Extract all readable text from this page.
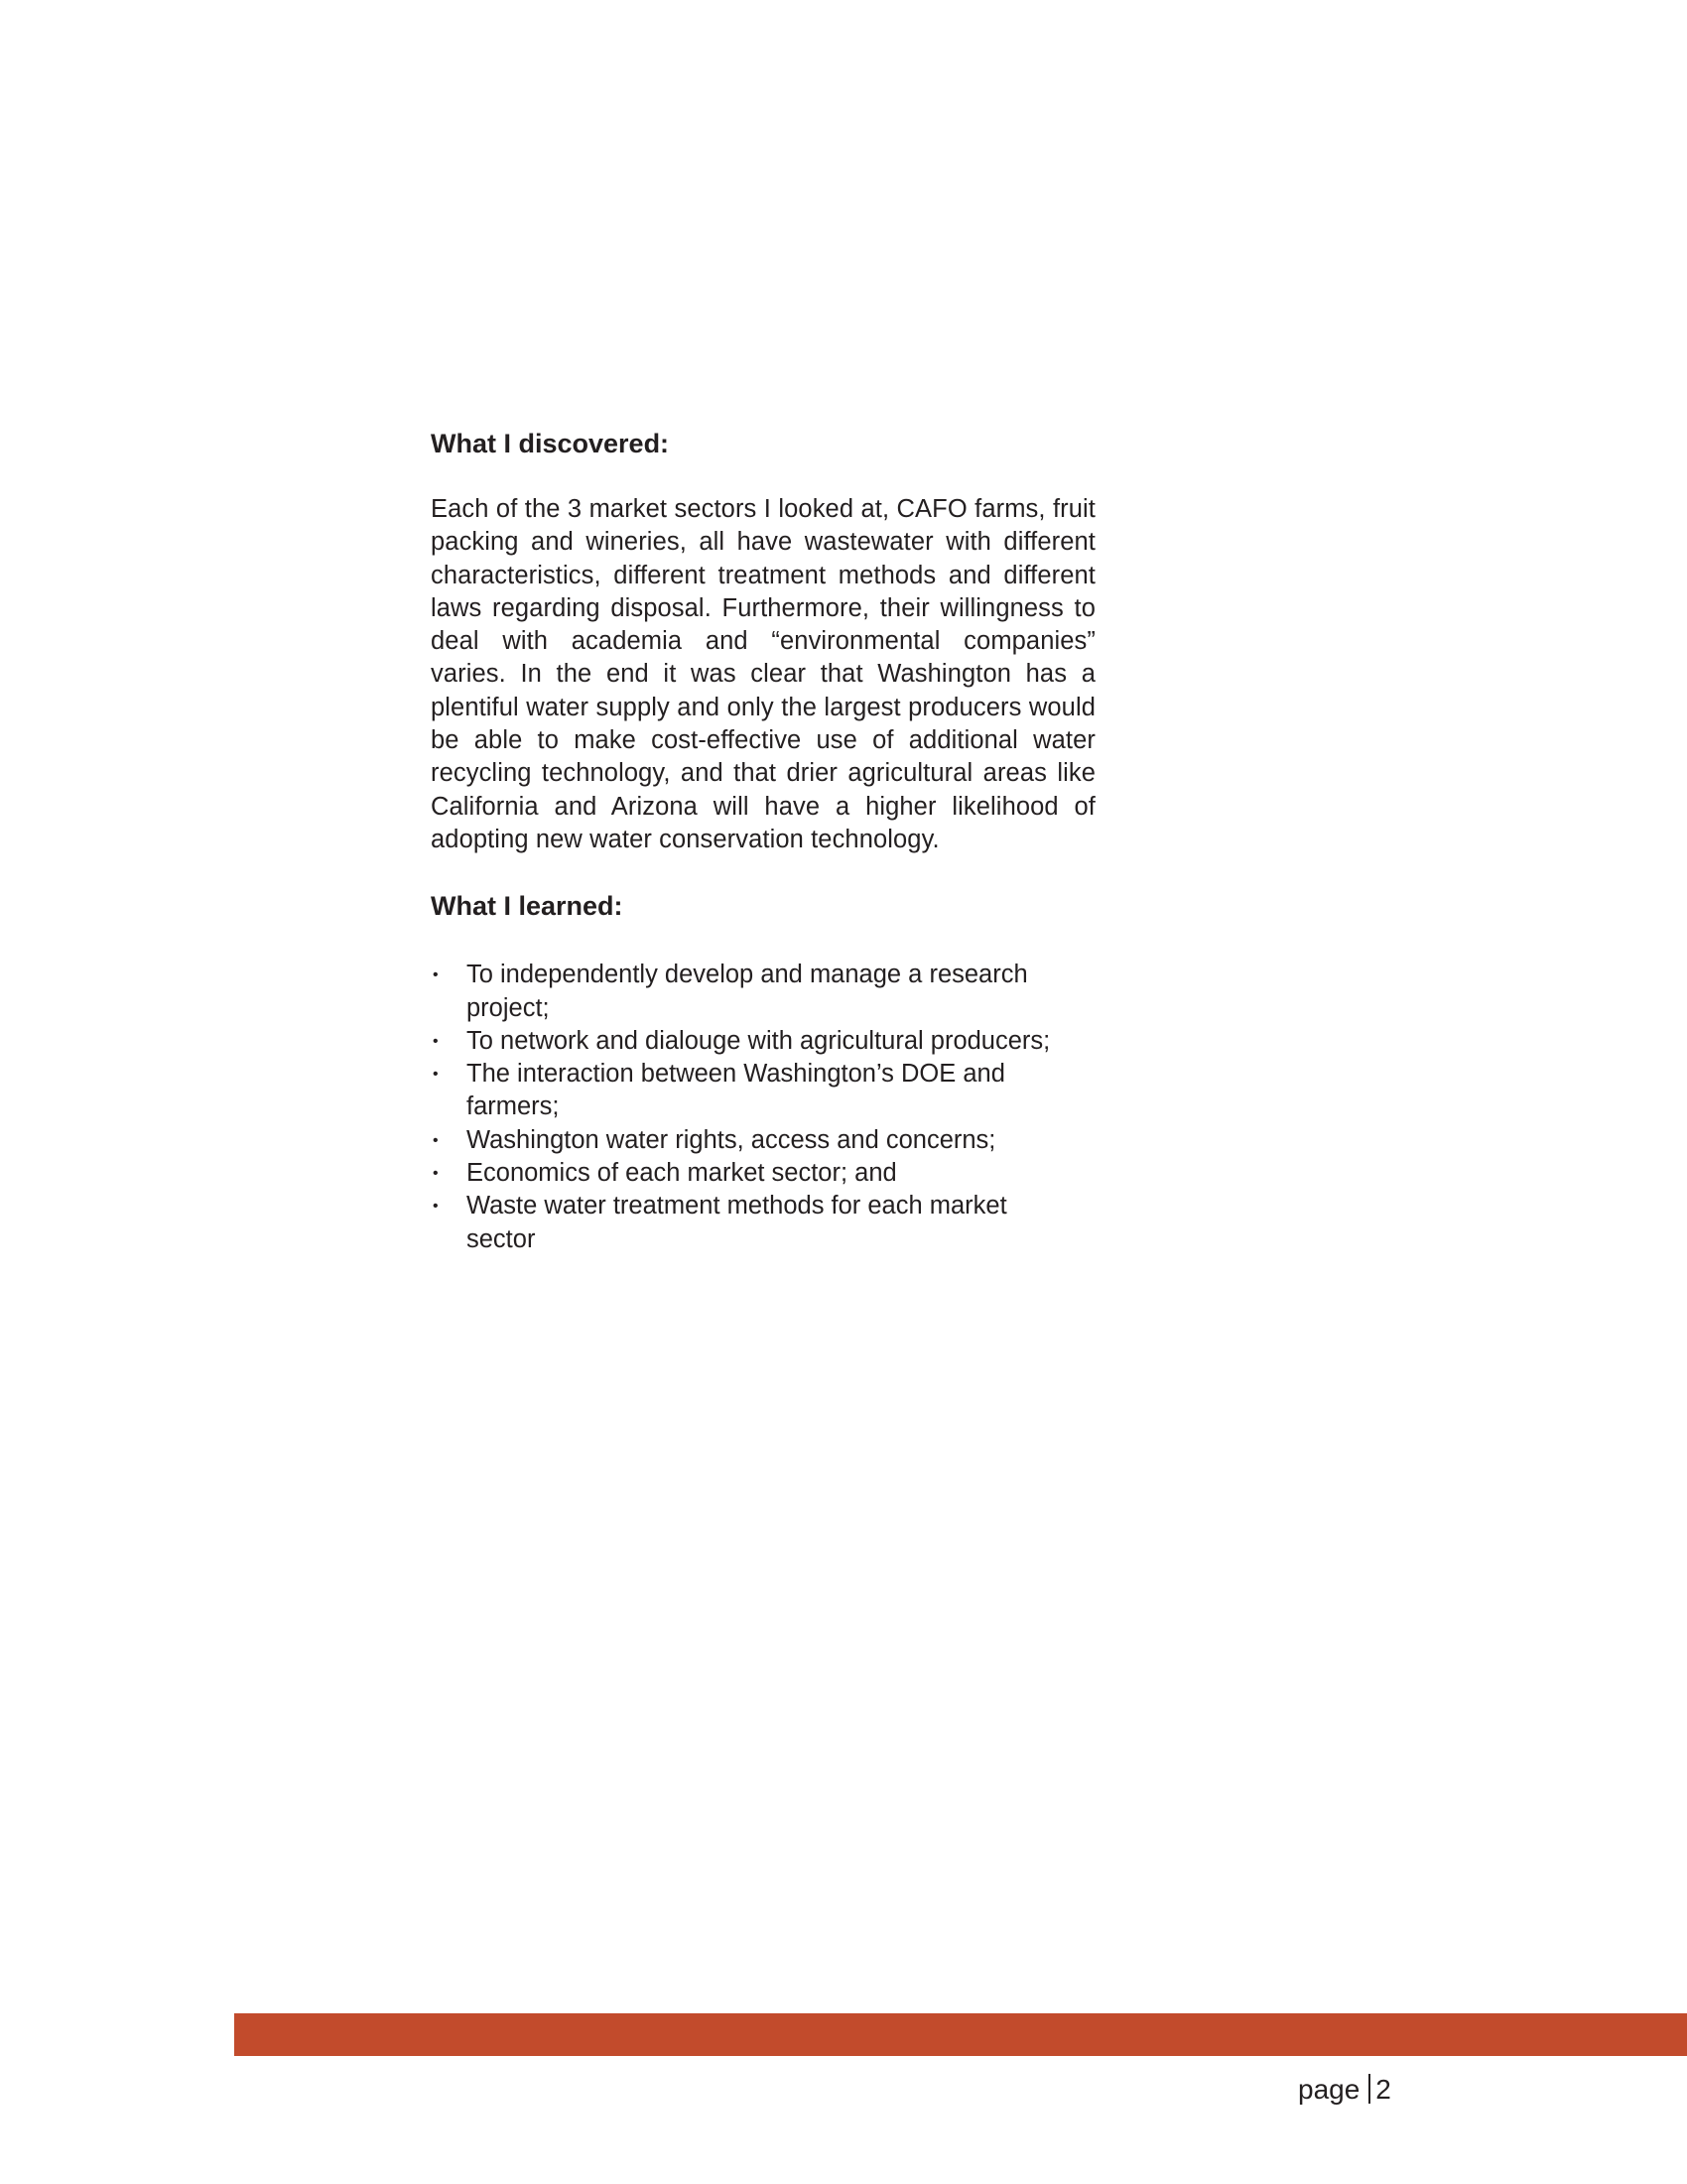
What I discovered:

Each of the 3 market sectors I looked at, CAFO farms, fruit packing and wineries, all have wastewater with different characteristics, different treatment methods and different laws regarding disposal. Furthermore, their willingness to deal with academia and “environmental companies” varies. In the end it was clear that Washington has a plentiful water supply and only the largest producers would be able to make cost-effective use of additional water recycling technology, and that drier agricultural areas like California and Arizona will have a higher likelihood of adopting new water conservation technology.

What I learned:
• To independently develop and manage a research project;
• To network and dialouge with agricultural producers;
• The interaction between Washington’s DOE and farmers;
• Washington water rights, access and concerns;
• Economics of each market sector; and
• Waste water treatment methods for each market sector
page 2
